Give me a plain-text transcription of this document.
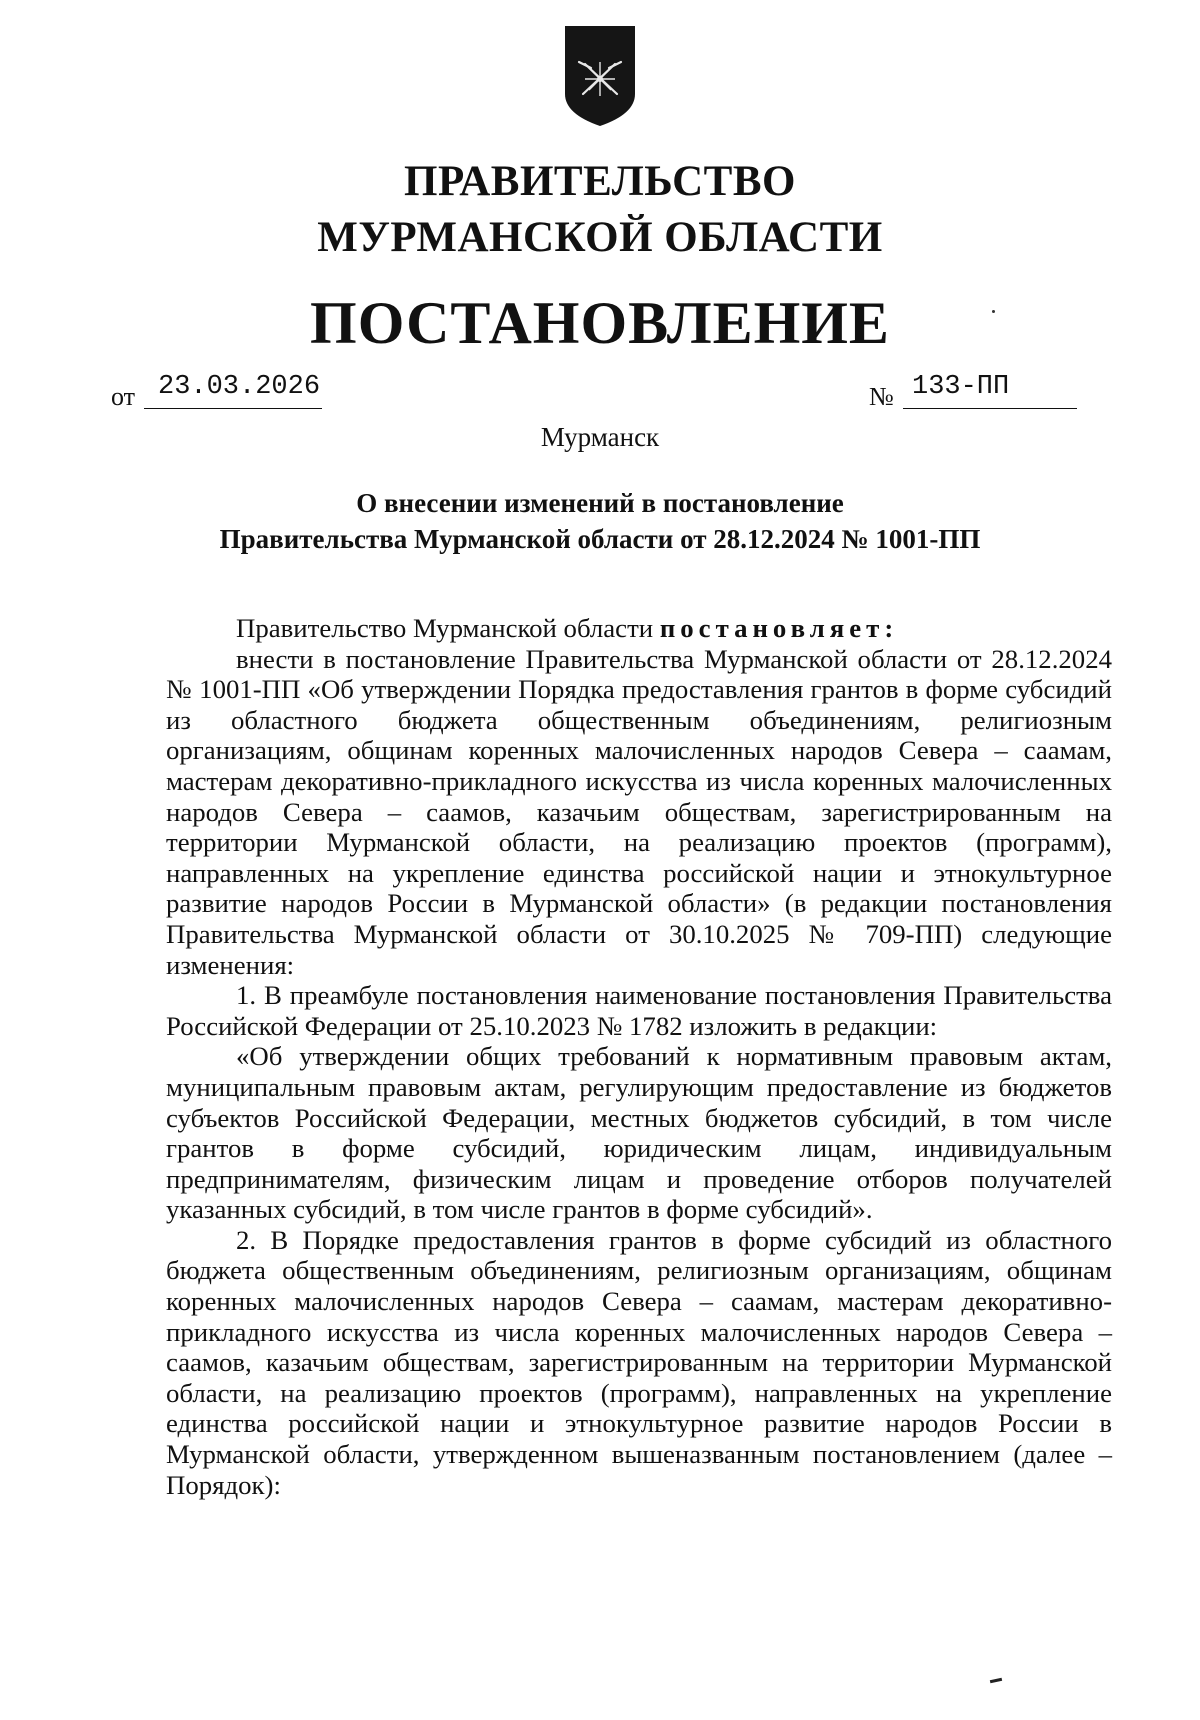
ПРАВИТЕЛЬСТВО
МУРМАНСКОЙ ОБЛАСТИ
ПОСТАНОВЛЕНИЕ
от 23.03.2026	№ 133-ПП
Мурманск
О внесении изменений в постановление
Правительства Мурманской области от 28.12.2024 № 1001-ПП

Правительство Мурманской области постановляет:

внести в постановление Правительства Мурманской области от 28.12.2024 № 1001-ПП «Об утверждении Порядка предоставления грантов в форме субсидий из областного бюджета общественным объединениям, религиозным организациям, общинам коренных малочисленных народов Севера – саамам, мастерам декоративно-прикладного искусства из числа коренных малочисленных народов Севера – саамов, казачьим обществам, зарегистрированным на территории Мурманской области, на реализацию проектов (программ), направленных на укрепление единства российской нации и этнокультурное развитие народов России в Мурманской области» (в редакции постановления Правительства Мурманской области от 30.10.2025 № 709-ПП) следующие изменения:

1. В преамбуле постановления наименование постановления Правительства Российской Федерации от 25.10.2023 № 1782 изложить в редакции:

«Об утверждении общих требований к нормативным правовым актам, муниципальным правовым актам, регулирующим предоставление из бюджетов субъектов Российской Федерации, местных бюджетов субсидий, в том числе грантов в форме субсидий, юридическим лицам, индивидуальным предпринимателям, физическим лицам и проведение отборов получателей указанных субсидий, в том числе грантов в форме субсидий».

2. В Порядке предоставления грантов в форме субсидий из областного бюджета общественным объединениям, религиозным организациям, общинам коренных малочисленных народов Севера – саамам, мастерам декоративно-прикладного искусства из числа коренных малочисленных народов Севера – саамов, казачьим обществам, зарегистрированным на территории Мурманской области, на реализацию проектов (программ), направленных на укрепление единства российской нации и этнокультурное развитие народов России в Мурманской области, утвержденном вышеназванным постановлением (далее – Порядок):
